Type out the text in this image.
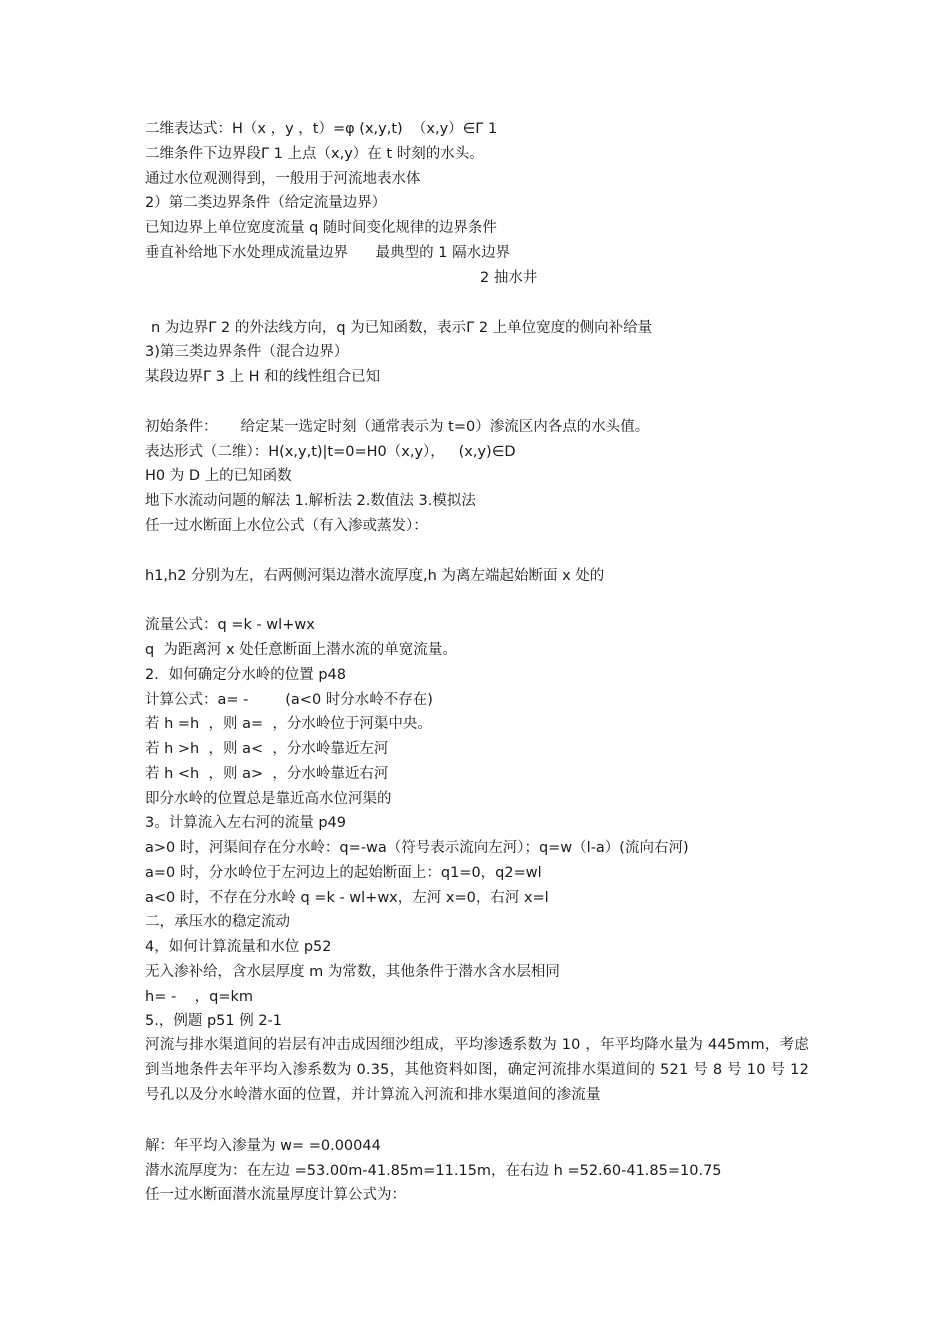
二维表达式：H（x ，y ，t）=φ (x,y,t)  （x,y）∈Γ 1
二维条件下边界段Γ 1 上点（x,y）在 t 时刻的水头。
通过水位观测得到，一般用于河流地表水体
2）第二类边界条件（给定流量边界）
已知边界上单位宽度流量 q 随时间变化规律的边界条件
垂直补给地下水处理成流量边界      最典型的 1 隔水边界
2 抽水井
n 为边界Γ 2 的外法线方向，q 为已知函数，表示Γ 2 上单位宽度的侧向补给量
3)第三类边界条件（混合边界）
某段边界Γ 3 上 H 和的线性组合已知
初始条件：     给定某一选定时刻（通常表示为 t=0）渗流区内各点的水头值。
表达形式（二维）：H(x,y,t)|t=0=H0（x,y），   (x,y)∈D
H0 为 D 上的已知函数
地下水流动问题的解法 1.解析法 2.数值法 3.模拟法
任一过水断面上水位公式（有入渗或蒸发）：
h1,h2 分别为左，右两侧河渠边潜水流厚度,h 为离左端起始断面 x 处的
流量公式：q =k - wl+wx
q  为距离河 x 处任意断面上潜水流的单宽流量。
2．如何确定分水岭的位置 p48
计算公式：a= -        (a<0 时分水岭不存在)
若 h =h  ，则 a=  ，分水岭位于河渠中央。
若 h >h  ，则 a<  ，分水岭靠近左河
若 h <h  ，则 a>  ，分水岭靠近右河
即分水岭的位置总是靠近高水位河渠的
3。计算流入左右河的流量 p49
a>0 时，河渠间存在分水岭：q=-wa（符号表示流向左河）；q=w（l-a）(流向右河)
a=0 时，分水岭位于左河边上的起始断面上：q1=0，q2=wl
a<0 时，不存在分水岭 q =k - wl+wx，左河 x=0，右河 x=l
二，承压水的稳定流动
4，如何计算流量和水位 p52
无入渗补给，含水层厚度 m 为常数，其他条件于潜水含水层相同
h= -    ，q=km
5.，例题 p51 例 2-1
河流与排水渠道间的岩层有冲击成因细沙组成，平均渗透系数为 10 ，年平均降水量为 445mm，考虑到当地条件去年平均入渗系数为 0.35，其他资料如图，确定河流排水渠道间的 521 号 8 号 10 号 12 号孔以及分水岭潜水面的位置，并计算流入河流和排水渠道间的渗流量
解：年平均入渗量为 w= =0.00044
潜水流厚度为：在左边 =53.00m-41.85m=11.15m，在右边 h =52.60-41.85=10.75
任一过水断面潜水流量厚度计算公式为：
